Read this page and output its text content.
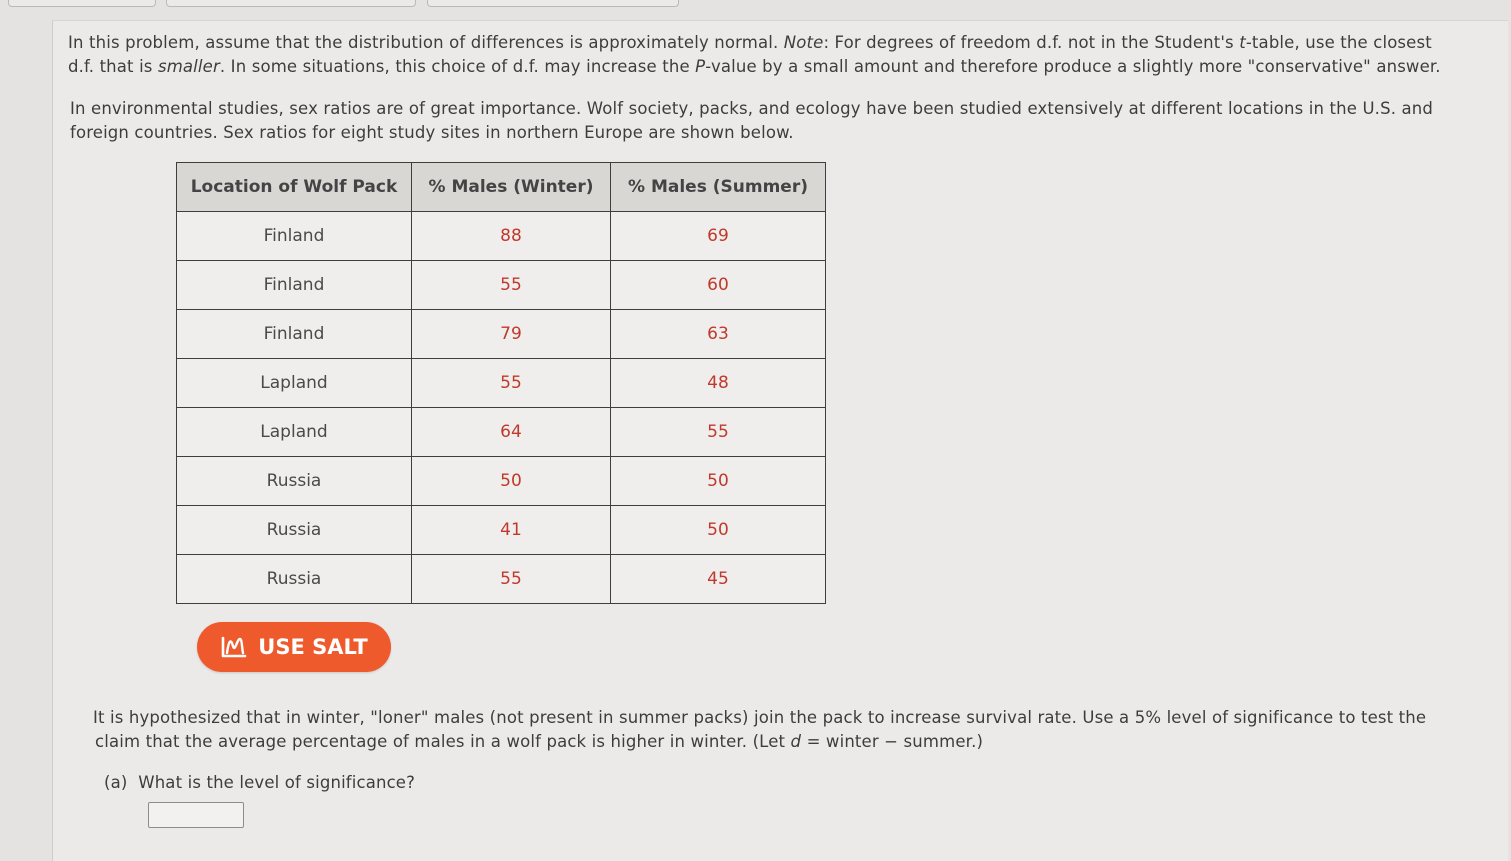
In this problem, assume that the distribution of differences is approximately normal. Note: For degrees of freedom d.f. not in the Student's t-table, use the closest
d.f. that is smaller. In some situations, this choice of d.f. may increase the P-value by a small amount and therefore produce a slightly more "conservative" answer.
In environmental studies, sex ratios are of great importance. Wolf society, packs, and ecology have been studied extensively at different locations in the U.S. and
foreign countries. Sex ratios for eight study sites in northern Europe are shown below.
Location of Wolf Pack	% Males (Winter)	% Males (Summer)
Finland	88	69
Finland	55	60
Finland	79	63
Lapland	55	48
Lapland	64	55
Russia	50	50
Russia	41	50
Russia	55	45
USE SALT
It is hypothesized that in winter, "loner" males (not present in summer packs) join the pack to increase survival rate. Use a 5% level of significance to test the
claim that the average percentage of males in a wolf pack is higher in winter. (Let d = winter − summer.)
(a) What is the level of significance?
